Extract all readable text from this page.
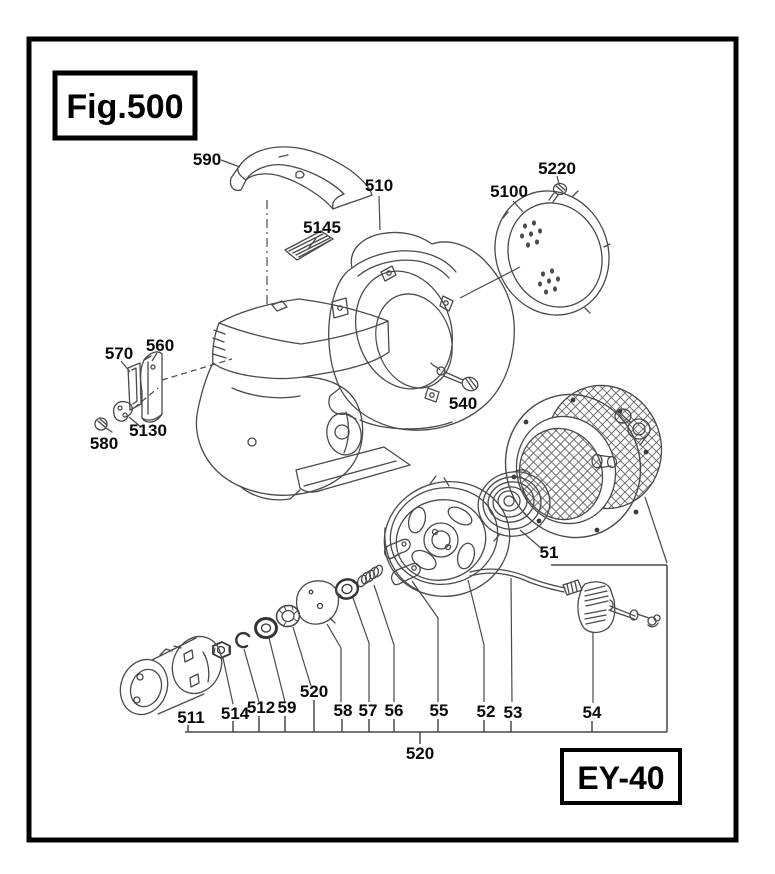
Fig.500
EY-40
590
510	5100
5220
5145
570 560
5130
580
540
51
511 514
512 59
520
58 57 56 55 52 53	54
520
